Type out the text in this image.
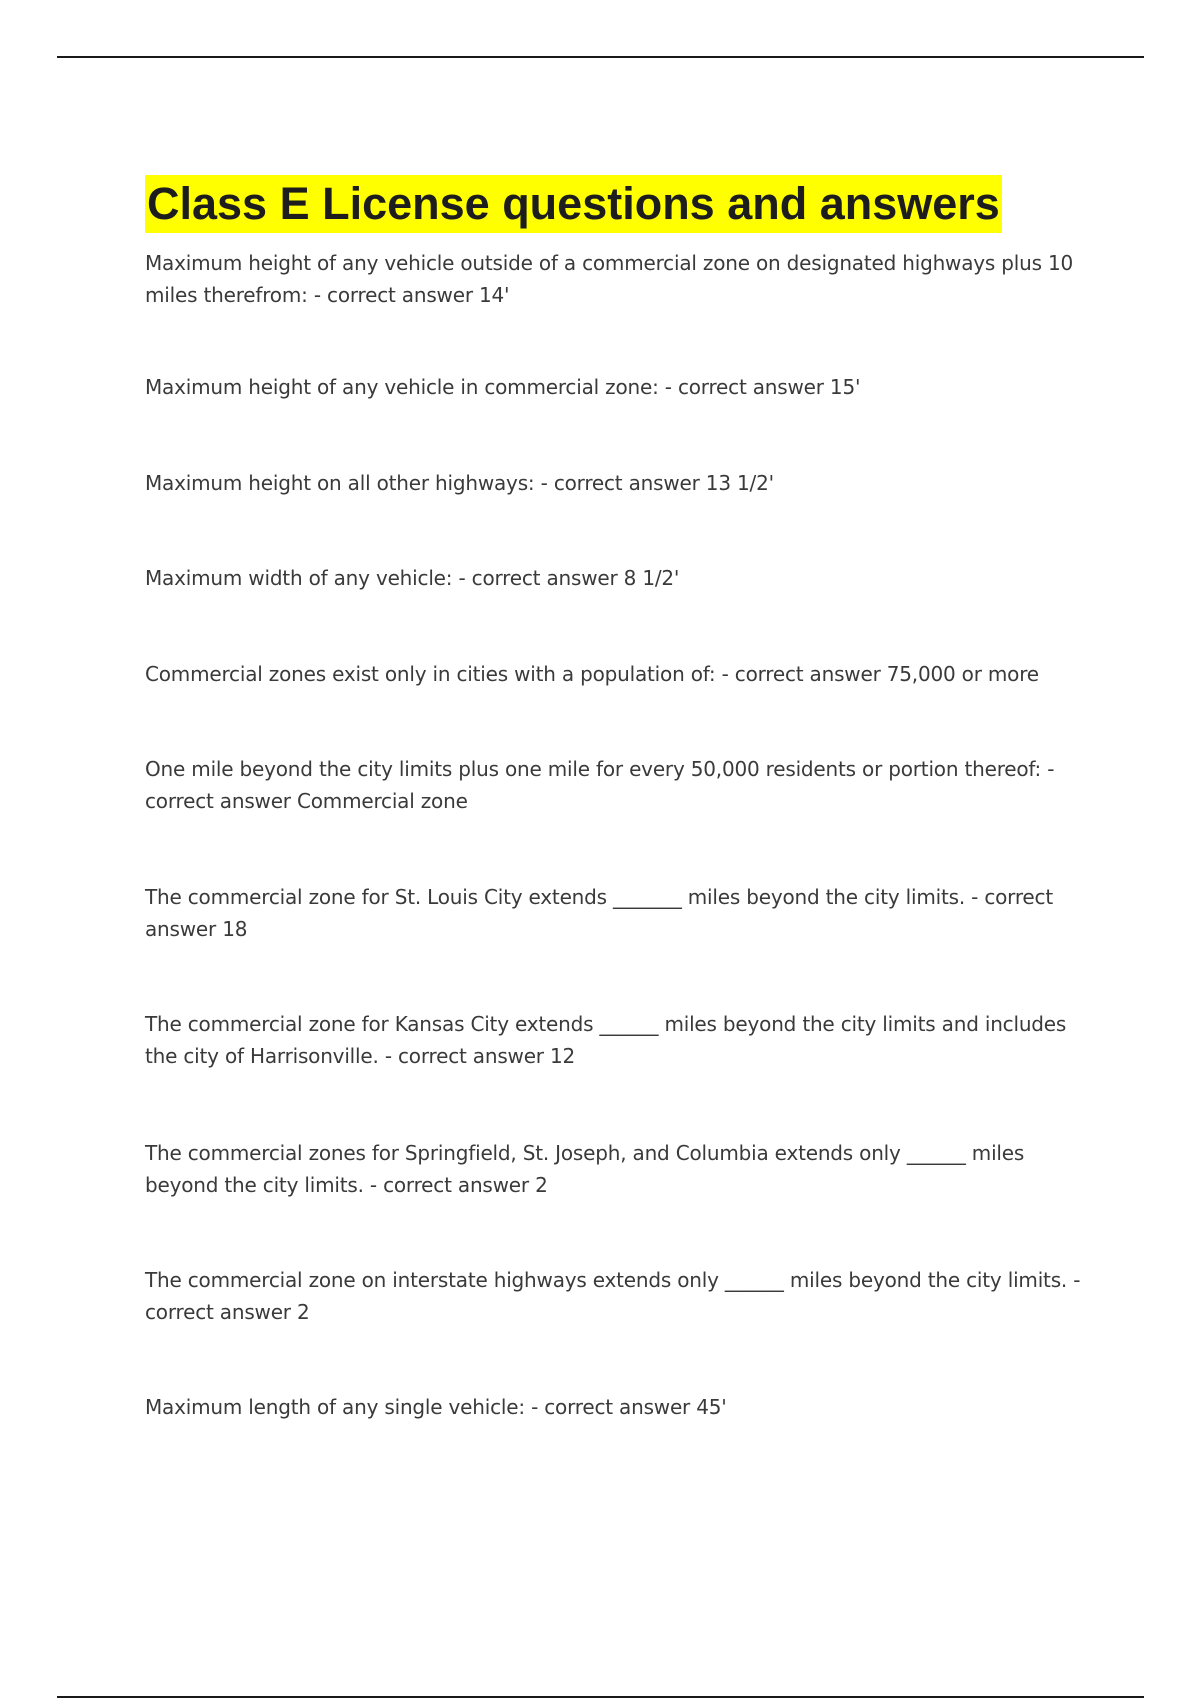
Class E License questions and answers
Maximum height of any vehicle outside of a commercial zone on designated highways plus 10 miles therefrom: - correct answer 14'
Maximum height of any vehicle in commercial zone: - correct answer 15'
Maximum height on all other highways: - correct answer 13 1/2'
Maximum width of any vehicle: - correct answer 8 1/2'
Commercial zones exist only in cities with a population of: - correct answer 75,000 or more
One mile beyond the city limits plus one mile for every 50,000 residents or portion thereof: - correct answer Commercial zone
The commercial zone for St. Louis City extends _______ miles beyond the city limits. - correct answer 18
The commercial zone for Kansas City extends ______ miles beyond the city limits and includes the city of Harrisonville. - correct answer 12
The commercial zones for Springfield, St. Joseph, and Columbia extends only ______ miles beyond the city limits. - correct answer 2
The commercial zone on interstate highways extends only ______ miles beyond the city limits. - correct answer 2
Maximum length of any single vehicle: - correct answer 45'
